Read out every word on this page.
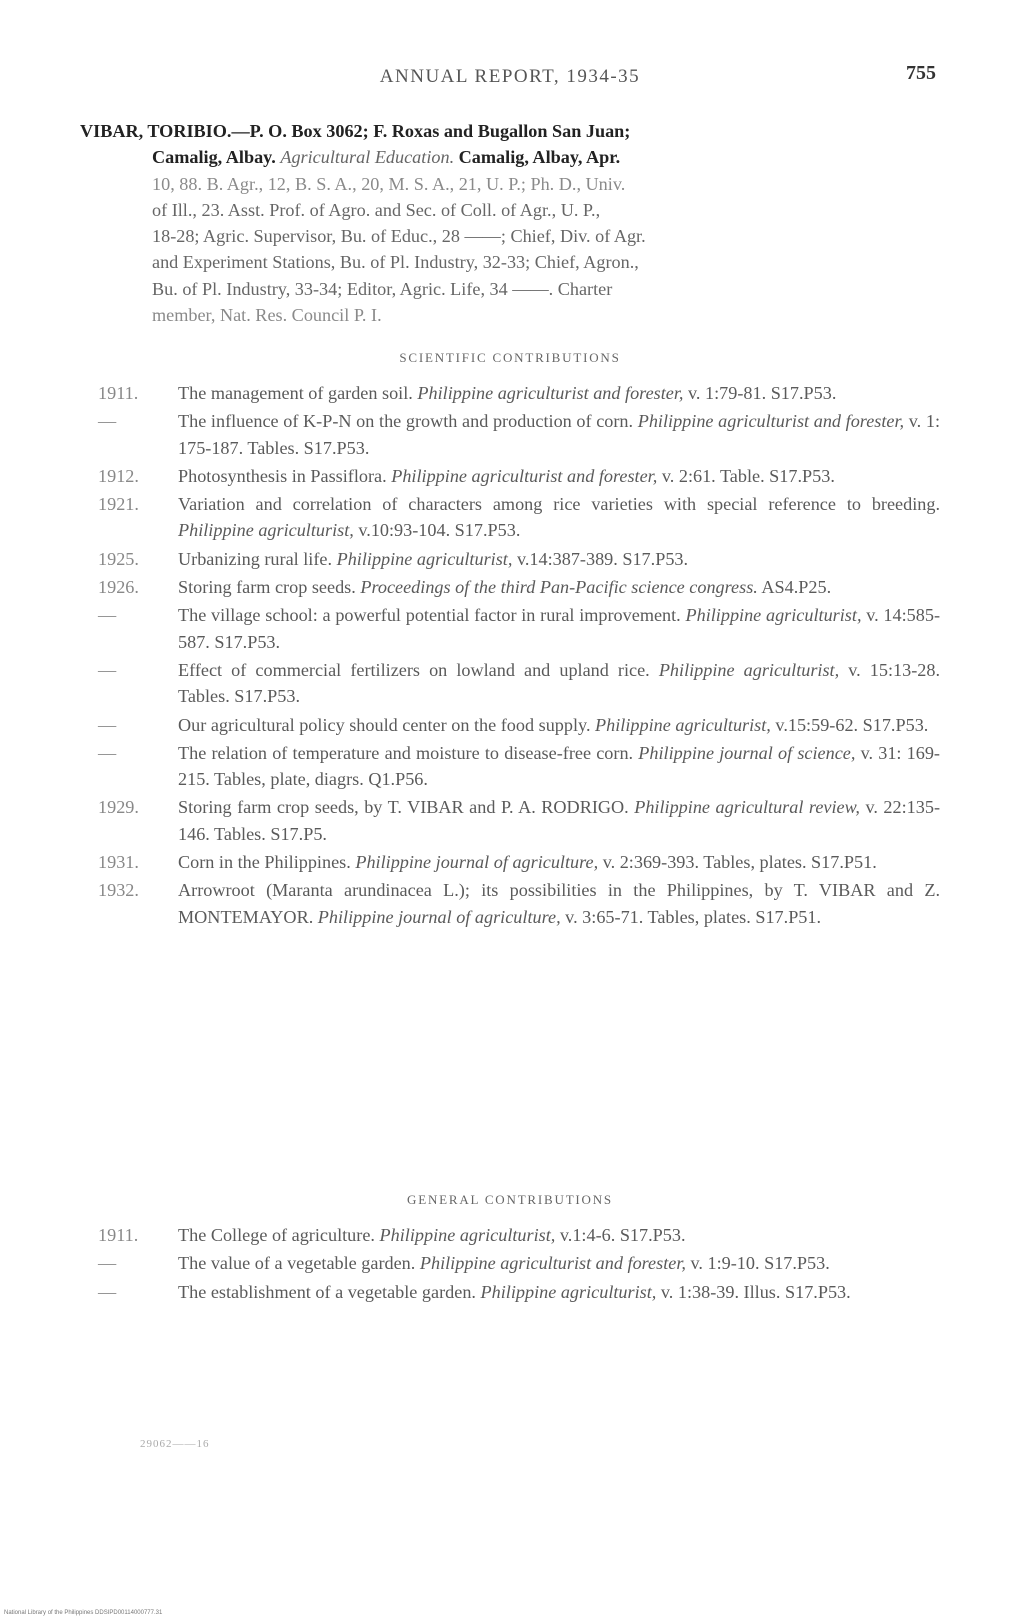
ANNUAL REPORT, 1934-35	755
VIBAR, TORIBIO.—P. O. Box 3062; F. Roxas and Bugallon San Juan;
Camalig, Albay. Agricultural Education. Camalig, Albay, Apr.
10, 88. B. Agr., 12, B. S. A., 20, M. S. A., 21, U. P.; Ph. D., Univ.
of Ill., 23. Asst. Prof. of Agro. and Sec. of Coll. of Agr., U. P.,
18-28; Agric. Supervisor, Bu. of Educ., 28 ——; Chief, Div. of Agr.
and Experiment Stations, Bu. of Pl. Industry, 32-33; Chief, Agron.,
Bu. of Pl. Industry, 33-34; Editor, Agric. Life, 34 ——. Charter
member, Nat. Res. Council P. I.
SCIENTIFIC CONTRIBUTIONS
1911.	The management of garden soil. Philippine agriculturist and forester, v. 1:79-81. S17.P53.
—	The influence of K-P-N on the growth and production of corn. Philippine agriculturist and forester, v. 1: 175-187. Tables. S17.P53.
1912.	Photosynthesis in Passiflora. Philippine agriculturist and forester, v. 2:61. Table. S17.P53.
1921.	Variation and correlation of characters among rice varieties with special reference to breeding. Philippine agriculturist, v.10:93-104. S17.P53.
1925.	Urbanizing rural life. Philippine agriculturist, v.14:387-389. S17.P53.
1926.	Storing farm crop seeds. Proceedings of the third Pan-Pacific science congress. AS4.P25.
—	The village school: a powerful potential factor in rural improvement. Philippine agriculturist, v. 14:585-587. S17.P53.
—	Effect of commercial fertilizers on lowland and upland rice. Philippine agriculturist, v. 15:13-28. Tables. S17.P53.
—	Our agricultural policy should center on the food supply. Philippine agriculturist, v.15:59-62. S17.P53.
—	The relation of temperature and moisture to disease-free corn. Philippine journal of science, v. 31: 169-215. Tables, plate, diagrs. Q1.P56.
1929.	Storing farm crop seeds, by T. VIBAR and P. A. RODRIGO. Philippine agricultural review, v. 22:135-146. Tables. S17.P5.
1931.	Corn in the Philippines. Philippine journal of agriculture, v. 2:369-393. Tables, plates. S17.P51.
1932.	Arrowroot (Maranta arundinacea L.); its possibilities in the Philippines, by T. VIBAR and Z. MONTEMAYOR. Philippine journal of agriculture, v. 3:65-71. Tables, plates. S17.P51.
GENERAL CONTRIBUTIONS
1911.	The College of agriculture. Philippine agriculturist, v.1:4-6. S17.P53.
—	The value of a vegetable garden. Philippine agriculturist and forester, v. 1:9-10. S17.P53.
—	The establishment of a vegetable garden. Philippine agriculturist, v. 1:38-39. Illus. S17.P53.
29062——16
National Library of the Philippines DDSIPD00114000777.31
